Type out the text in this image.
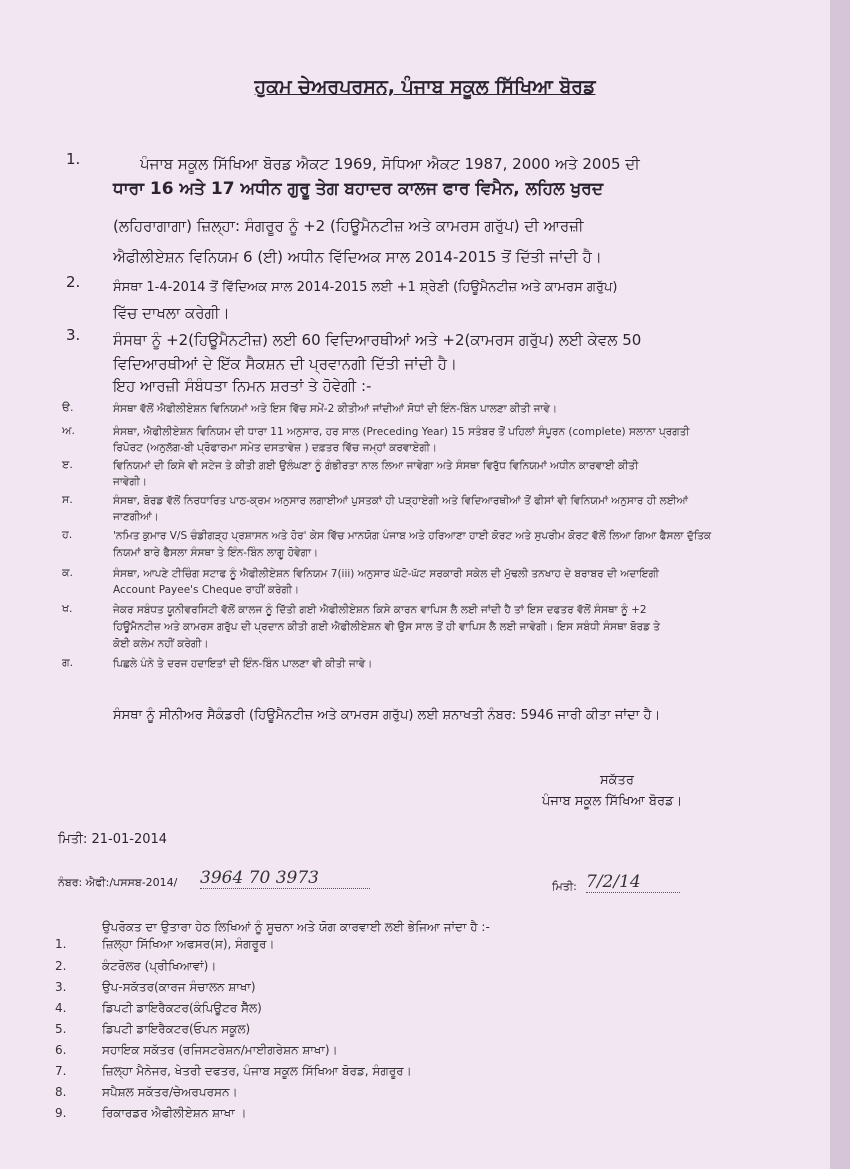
ਹੁਕਮ ਚੇਅਰਪਰਸਨ, ਪੰਜਾਬ ਸਕੂਲ ਸਿੱਖਿਆ ਬੋਰਡ
1.	ਪੰਜਾਬ ਸਕੂਲ ਸਿੱਖਿਆ ਬੋਰਡ ਐਕਟ 1969, ਸੋਧਿਆ ਐਕਟ 1987, 2000 ਅਤੇ 2005 ਦੀ
ਧਾਰਾ 16 ਅਤੇ 17 ਅਧੀਨ ਗੁਰੂ ਤੇਗ ਬਹਾਦਰ ਕਾਲਜ ਫਾਰ ਵਿਮੈਨ, ਲਹਿਲ ਖੁਰਦ
(ਲਹਿਰਾਗਾਗਾ) ਜ਼ਿਲ੍ਹਾ: ਸੰਗਰੂਰ ਨੂੰ +2 (ਹਿਊਮੈਨਟੀਜ਼ ਅਤੇ ਕਾਮਰਸ ਗਰੁੱਪ) ਦੀ ਆਰਜ਼ੀ
ਐਫੀਲੀਏਸ਼ਨ ਵਿਨਿਯਮ 6 (ਈ) ਅਧੀਨ ਵਿੱਦਿਅਕ ਸਾਲ 2014-2015 ਤੋਂ ਦਿੱਤੀ ਜਾਂਦੀ ਹੈ।
2.	ਸੰਸਥਾ 1-4-2014 ਤੋਂ ਵਿੱਦਿਅਕ ਸਾਲ 2014-2015 ਲਈ +1 ਸ਼੍ਰੇਣੀ (ਹਿਊਮੈਨਟੀਜ਼ ਅਤੇ ਕਾਮਰਸ ਗਰੁੱਪ)
ਵਿੱਚ ਦਾਖਲਾ ਕਰੇਗੀ।
3. ਸੰਸਥਾ ਨੂੰ +2(ਹਿਊਮੈਨਟੀਜ਼) ਲਈ 60 ਵਿਦਿਆਰਥੀਆਂ ਅਤੇ +2(ਕਾਮਰਸ ਗਰੁੱਪ) ਲਈ ਕੇਵਲ 50
ਵਿਦਿਆਰਥੀਆਂ ਦੇ ਇੱਕ ਸੈਕਸ਼ਨ ਦੀ ਪ੍ਰਵਾਨਗੀ ਦਿੱਤੀ ਜਾਂਦੀ ਹੈ।
ਇਹ ਆਰਜ਼ੀ ਸੰਬੰਧਤਾ ਨਿਮਨ ਸ਼ਰਤਾਂ ਤੇ ਹੋਵੇਗੀ :-
ੳ.	ਸੰਸਥਾ ਵੱਲੋਂ ਐਫੀਲੀਏਸ਼ਨ ਵਿਨਿਯਮਾਂ ਅਤੇ ਇਸ ਵਿੱਚ ਸਮੇਂ-2 ਕੀਤੀਆਂ ਜਾਂਦੀਆਂ ਸੋਧਾਂ ਦੀ ਇੰਨ-ਬਿੰਨ ਪਾਲਣਾ ਕੀਤੀ ਜਾਵੇ।
ਅ.	ਸੰਸਥਾ, ਐਫੀਲੀਏਸ਼ਨ ਵਿਨਿਯਮ ਦੀ ਧਾਰਾ 11 ਅਨੁਸਾਰ, ਹਰ ਸਾਲ (Preceding Year) 15 ਸਤੰਬਰ ਤੋਂ ਪਹਿਲਾਂ ਸੰਪੂਰਨ (complete) ਸਲਾਨਾ ਪ੍ਰਗਤੀ
ਰਿਪੋਰਟ (ਅਨੁਲੱਗ-ਬੀ ਪ੍ਰੋਫਾਰਮਾ ਸਮੇਤ ਦਸਤਾਵੇਜ਼ ) ਦਫ਼ਤਰ ਵਿੱਚ ਜਮ੍ਹਾਂ ਕਰਵਾਏਗੀ।
ੲ.	ਵਿਨਿਯਮਾਂ ਦੀ ਕਿਸੇ ਵੀ ਸਟੇਜ ਤੇ ਕੀਤੀ ਗਈ ਉਲੰਘਣਾ ਨੂੰ ਗੰਭੀਰਤਾ ਨਾਲ ਲਿਆ ਜਾਵੇਗਾ ਅਤੇ ਸੰਸਥਾ ਵਿਰੁੱਧ ਵਿਨਿਯਮਾਂ ਅਧੀਨ ਕਾਰਵਾਈ ਕੀਤੀ
ਜਾਵੇਗੀ।
ਸ.	ਸੰਸਥਾ, ਬੋਰਡ ਵੱਲੋਂ ਨਿਰਧਾਰਿਤ ਪਾਠ-ਕ੍ਰਮ ਅਨੁਸਾਰ ਲਗਾਈਆਂ ਪੁਸਤਕਾਂ ਹੀ ਪੜ੍ਹਾਏਗੀ ਅਤੇ ਵਿਦਿਆਰਥੀਆਂ ਤੋਂ ਫੀਸਾਂ ਵੀ ਵਿਨਿਯਮਾਂ ਅਨੁਸਾਰ ਹੀ ਲਈਆਂ
ਜਾਣਗੀਆਂ।
ਹ.	'ਨਮਿਤ ਕੁਮਾਰ V/S ਚੰਡੀਗੜ੍ਹ ਪ੍ਰਸ਼ਾਸਨ ਅਤੇ ਹੋਰ' ਕੇਸ ਵਿੱਚ ਮਾਨਯੋਗ ਪੰਜਾਬ ਅਤੇ ਹਰਿਆਣਾ ਹਾਈ ਕੋਰਟ ਅਤੇ ਸੁਪਰੀਮ ਕੋਰਟ ਵੱਲੋਂ ਲਿਆ ਗਿਆ ਫੈਸਲਾ ਦੁੱਤਿਕ
ਨਿਯਮਾਂ ਬਾਰੇ ਫੈਸਲਾ ਸੰਸਥਾ ਤੇ ਇੰਨ-ਬਿੰਨ ਲਾਗੂ ਹੋਵੇਗਾ।
ਕ.	ਸੰਸਥਾ, ਆਪਣੇ ਟੀਚਿੰਗ ਸਟਾਫ ਨੂੰ ਐਫੀਲੀਏਸ਼ਨ ਵਿਨਿਯਮ 7(iii) ਅਨੁਸਾਰ ਘੱਟੋ-ਘੱਟ ਸਰਕਾਰੀ ਸਕੇਲ ਦੀ ਮੁੱਢਲੀ ਤਨਖਾਹ ਦੇ ਬਰਾਬਰ ਦੀ ਅਦਾਇਗੀ
Account Payee's Cheque ਰਾਹੀਂ ਕਰੇਗੀ।
ਖ.	ਜੇਕਰ ਸਬੰਧਤ ਯੂਨੀਵਰਸਿਟੀ ਵੱਲੋਂ ਕਾਲਜ ਨੂੰ ਦਿੱਤੀ ਗਈ ਐਫੀਲੀਏਸ਼ਨ ਕਿਸੇ ਕਾਰਨ ਵਾਪਿਸ ਲੈ ਲਈ ਜਾਂਦੀ ਹੈ ਤਾਂ ਇਸ ਦਫਤਰ ਵੱਲੋਂ ਸੰਸਥਾ ਨੂੰ +2
ਹਿਊਮੈਨਟੀਜ਼ ਅਤੇ ਕਾਮਰਸ ਗਰੁੱਪ ਦੀ ਪ੍ਰਦਾਨ ਕੀਤੀ ਗਈ ਐਫੀਲੀਏਸ਼ਨ ਵੀ ਉਸ ਸਾਲ ਤੋਂ ਹੀ ਵਾਪਿਸ ਲੈ ਲਈ ਜਾਵੇਗੀ। ਇਸ ਸਬੰਧੀ ਸੰਸਥਾ ਬੋਰਡ ਤੇ
ਕੋਈ ਕਲੇਮ ਨਹੀਂ ਕਰੇਗੀ।
ਗ.	ਪਿਛਲੇ ਪੰਨੇ ਤੇ ਦਰਜ ਹਦਾਇਤਾਂ ਦੀ ਇੰਨ-ਬਿੰਨ ਪਾਲਣਾ ਵੀ ਕੀਤੀ ਜਾਵੇ।
ਸੰਸਥਾ ਨੂੰ ਸੀਨੀਅਰ ਸੈਕੰਡਰੀ (ਹਿਊਮੈਨਟੀਜ਼ ਅਤੇ ਕਾਮਰਸ ਗਰੁੱਪ) ਲਈ ਸ਼ਨਾਖਤੀ ਨੰਬਰ: 5946 ਜਾਰੀ ਕੀਤਾ ਜਾਂਦਾ ਹੈ।
ਸਕੱਤਰ
ਪੰਜਾਬ ਸਕੂਲ ਸਿੱਖਿਆ ਬੋਰਡ।
ਮਿਤੀ: 21-01-2014
ਨੰਬਰ: ਐਫੀ:/ਪਸਸਬ-2014/ 3964 70 3973	ਮਿਤੀ: 7/2/14
ਉਪਰੋਕਤ ਦਾ ਉਤਾਰਾ ਹੇਠ ਲਿਖਿਆਂ ਨੂੰ ਸੂਚਨਾ ਅਤੇ ਯੋਗ ਕਾਰਵਾਈ ਲਈ ਭੇਜਿਆ ਜਾਂਦਾ ਹੈ :-
1.	ਜ਼ਿਲ੍ਹਾ ਸਿੱਖਿਆ ਅਫਸਰ(ਸ), ਸੰਗਰੂਰ।
2.	ਕੰਟਰੋਲਰ (ਪ੍ਰੀਖਿਆਵਾਂ)।
3.	ਉਪ-ਸਕੱਤਰ(ਕਾਰਜ ਸੰਚਾਲਨ ਸ਼ਾਖਾ)
4.	ਡਿਪਟੀ ਡਾਇਰੈਕਟਰ(ਕੰਪਿਊਟਰ ਸੈੱਲ)
5.	ਡਿਪਟੀ ਡਾਇਰੈਕਟਰ(ਓਪਨ ਸਕੂਲ)
6.	ਸਹਾਇਕ ਸਕੱਤਰ (ਰਜਿਸਟਰੇਸ਼ਨ/ਮਾਈਗਰੇਸ਼ਨ ਸ਼ਾਖਾ)।
7.	ਜ਼ਿਲ੍ਹਾ ਮੈਨੇਜਰ, ਖੇਤਰੀ ਦਫਤਰ, ਪੰਜਾਬ ਸਕੂਲ ਸਿੱਖਿਆ ਬੋਰਡ, ਸੰਗਰੂਰ।
8.	ਸਪੈਸ਼ਲ ਸਕੱਤਰ/ਚੇਅਰਪਰਸਨ।
9.	ਰਿਕਾਰਡਰ ਐਫੀਲੀਏਸ਼ਨ ਸ਼ਾਖਾ ।
